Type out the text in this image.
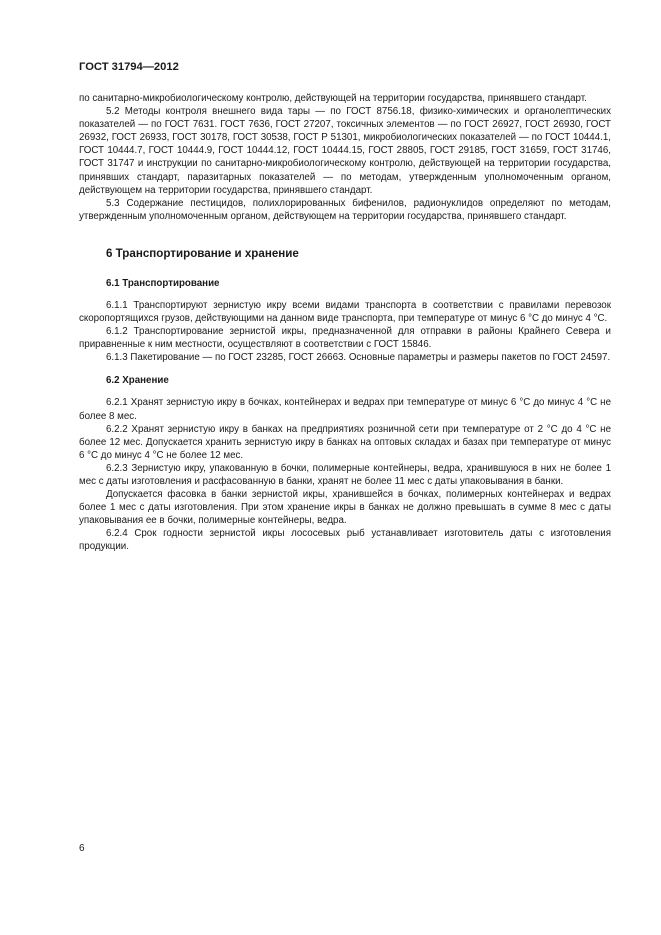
ГОСТ 31794—2012

по санитарно-микробиологическому контролю, действующей на территории государства, принявшего стандарт.

5.2 Методы контроля внешнего вида тары — по ГОСТ 8756.18, физико-химических и органолептических показателей — по ГОСТ 7631. ГОСТ 7636, ГОСТ 27207, токсичных элементов — по ГОСТ 26927, ГОСТ 26930, ГОСТ 26932, ГОСТ 26933, ГОСТ 30178, ГОСТ 30538, ГОСТ Р 51301, микробиологических показателей — по ГОСТ 10444.1, ГОСТ 10444.7, ГОСТ 10444.9, ГОСТ 10444.12, ГОСТ 10444.15, ГОСТ 28805, ГОСТ 29185, ГОСТ 31659, ГОСТ 31746, ГОСТ 31747 и инструкции по санитарно-микробиологическому контролю, действующей на территории государства, принявших стандарт, паразитарных показателей — по методам, утвержденным уполномоченным органом, действующем на территории государства, принявшего стандарт.

5.3 Содержание пестицидов, полихлорированных бифенилов, радионуклидов определяют по методам, утвержденным уполномоченным органом, действующем на территории государства, принявшего стандарт.

6 Транспортирование и хранение
6.1 Транспортирование

6.1.1 Транспортируют зернистую икру всеми видами транспорта в соответствии с правилами перевозок скоропортящихся грузов, действующими на данном виде транспорта, при температуре от минус 6 °C до минус 4 °C.

6.1.2 Транспортирование зернистой икры, предназначенной для отправки в районы Крайнего Севера и приравненные к ним местности, осуществляют в соответствии с ГОСТ 15846.

6.1.3 Пакетирование — по ГОСТ 23285, ГОСТ 26663. Основные параметры и размеры пакетов по ГОСТ 24597.

6.2 Хранение

6.2.1 Хранят зернистую икру в бочках, контейнерах и ведрах при температуре от минус 6 °C до минус 4 °C не более 8 мес.

6.2.2 Хранят зернистую икру в банках на предприятиях розничной сети при температуре от 2 °C до 4 °C не более 12 мес. Допускается хранить зернистую икру в банках на оптовых складах и базах при температуре от минус 6 °C до минус 4 °C не более 12 мес.

6.2.3 Зернистую икру, упакованную в бочки, полимерные контейнеры, ведра, хранившуюся в них не более 1 мес с даты изготовления и расфасованную в банки, хранят не более 11 мес с даты упаковывания в банки.

Допускается фасовка в банки зернистой икры, хранившейся в бочках, полимерных контейнерах и ведрах более 1 мес с даты изготовления. При этом хранение икры в банках не должно превышать в сумме 8 мес с даты упаковывания ее в бочки, полимерные контейнеры, ведра.

6.2.4 Срок годности зернистой икры лососевых рыб устанавливает изготовитель даты с изготовления продукции.

6
